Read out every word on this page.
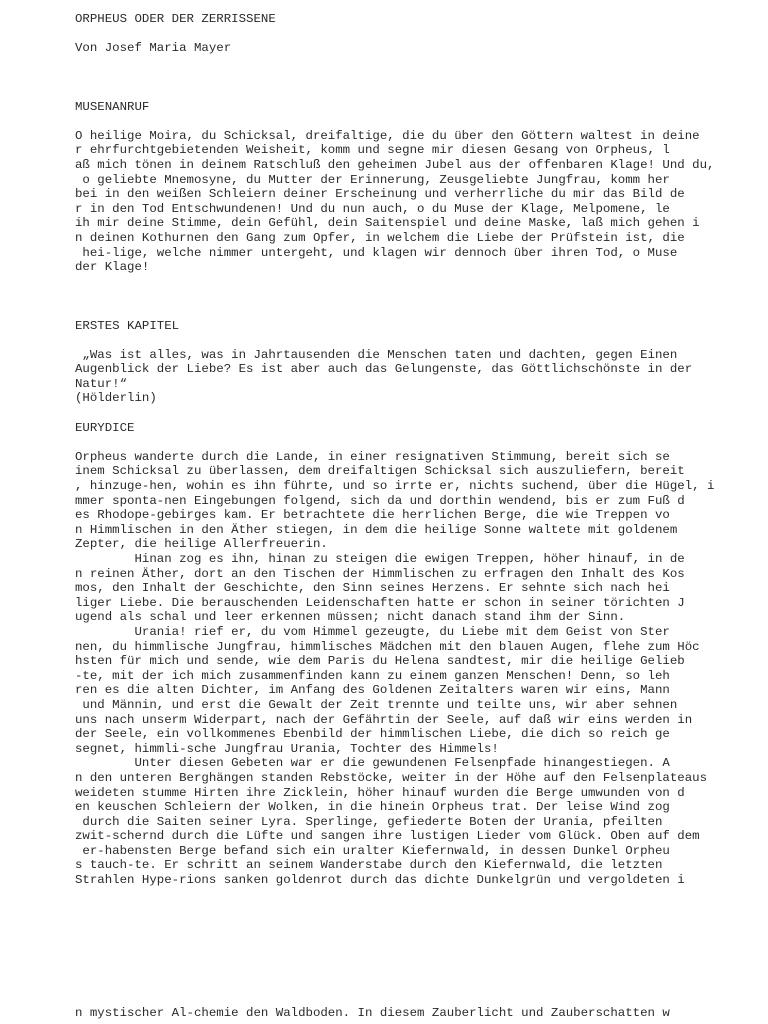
ORPHEUS ODER DER ZERRISSENE
Von Josef Maria Mayer
MUSENANRUF
O heilige Moira, du Schicksal, dreifaltige, die du über den Göttern waltest in deine
r ehrfurchtgebietenden Weisheit, komm und segne mir diesen Gesang von Orpheus, l
aß mich tönen in deinem Ratschluß den geheimen Jubel aus der offenbaren Klage! Und du,
o geliebte Mnemosyne, du Mutter der Erinnerung, Zeusgeliebte Jungfrau, komm her
bei in den weißen Schleiern deiner Erscheinung und verherrliche du mir das Bild de
r in den Tod Entschwundenen! Und du nun auch, o du Muse der Klage, Melpomene, le
ih mir deine Stimme, dein Gefühl, dein Saitenspiel und deine Maske, laß mich gehen i
n deinen Kothurnen den Gang zum Opfer, in welchem die Liebe der Prüfstein ist, die
hei-lige, welche nimmer untergeht, und klagen wir dennoch über ihren Tod, o Muse
der Klage!
ERSTES KAPITEL
„Was ist alles, was in Jahrtausenden die Menschen taten und dachten, gegen Einen
Augenblick der Liebe? Es ist aber auch das Gelungenste, das Göttlichschönste in der
Natur!“
(Hölderlin)
EURYDICE
Orpheus wanderte durch die Lande, in einer resignativen Stimmung, bereit sich se
inem Schicksal zu überlassen, dem dreifaltigen Schicksal sich auszuliefern, bereit
, hinzuge-hen, wohin es ihn führte, und so irrte er, nichts suchend, über die Hügel, i
mmer sponta-nen Eingebungen folgend, sich da und dorthin wendend, bis er zum Fuß d
es Rhodope-gebirges kam. Er betrachtete die herrlichen Berge, die wie Treppen vo
n Himmlischen in den Äther stiegen, in dem die heilige Sonne waltete mit goldenem
Zepter, die heilige Allerfreuerin.
Hinan zog es ihn, hinan zu steigen die ewigen Treppen, höher hinauf, in de
n reinen Äther, dort an den Tischen der Himmlischen zu erfragen den Inhalt des Kos
mos, den Inhalt der Geschichte, den Sinn seines Herzens. Er sehnte sich nach hei
liger Liebe. Die berauschenden Leidenschaften hatte er schon in seiner törichten J
ugend als schal und leer erkennen müssen; nicht danach stand ihm der Sinn.
Urania! rief er, du vom Himmel gezeugte, du Liebe mit dem Geist von Ster
nen, du himmlische Jungfrau, himmlisches Mädchen mit den blauen Augen, flehe zum Höc
hsten für mich und sende, wie dem Paris du Helena sandtest, mir die heilige Gelieb
-te, mit der ich mich zusammenfinden kann zu einem ganzen Menschen! Denn, so leh
ren es die alten Dichter, im Anfang des Goldenen Zeitalters waren wir eins, Mann
und Männin, und erst die Gewalt der Zeit trennte und teilte uns, wir aber sehnen
uns nach unserm Widerpart, nach der Gefährtin der Seele, auf daß wir eins werden in
der Seele, ein vollkommenes Ebenbild der himmlischen Liebe, die dich so reich ge
segnet, himmli-sche Jungfrau Urania, Tochter des Himmels!
Unter diesen Gebeten war er die gewundenen Felsenpfade hinangestiegen. A
n den unteren Berghängen standen Rebstöcke, weiter in der Höhe auf den Felsenplateaus
weideten stumme Hirten ihre Zicklein, höher hinauf wurden die Berge umwunden von d
en keuschen Schleiern der Wolken, in die hinein Orpheus trat. Der leise Wind zog
durch die Saiten seiner Lyra. Sperlinge, gefiederte Boten der Urania, pfeilten
zwit-schernd durch die Lüfte und sangen ihre lustigen Lieder vom Glück. Oben auf dem
er-habensten Berge befand sich ein uralter Kiefernwald, in dessen Dunkel Orpheu
s tauch-te. Er schritt an seinem Wanderstabe durch den Kiefernwald, die letzten
Strahlen Hype-rions sanken goldenrot durch das dichte Dunkelgrün und vergoldeten i
n mystischer Al-chemie den Waldboden. In diesem Zauberlicht und Zauberschatten w
